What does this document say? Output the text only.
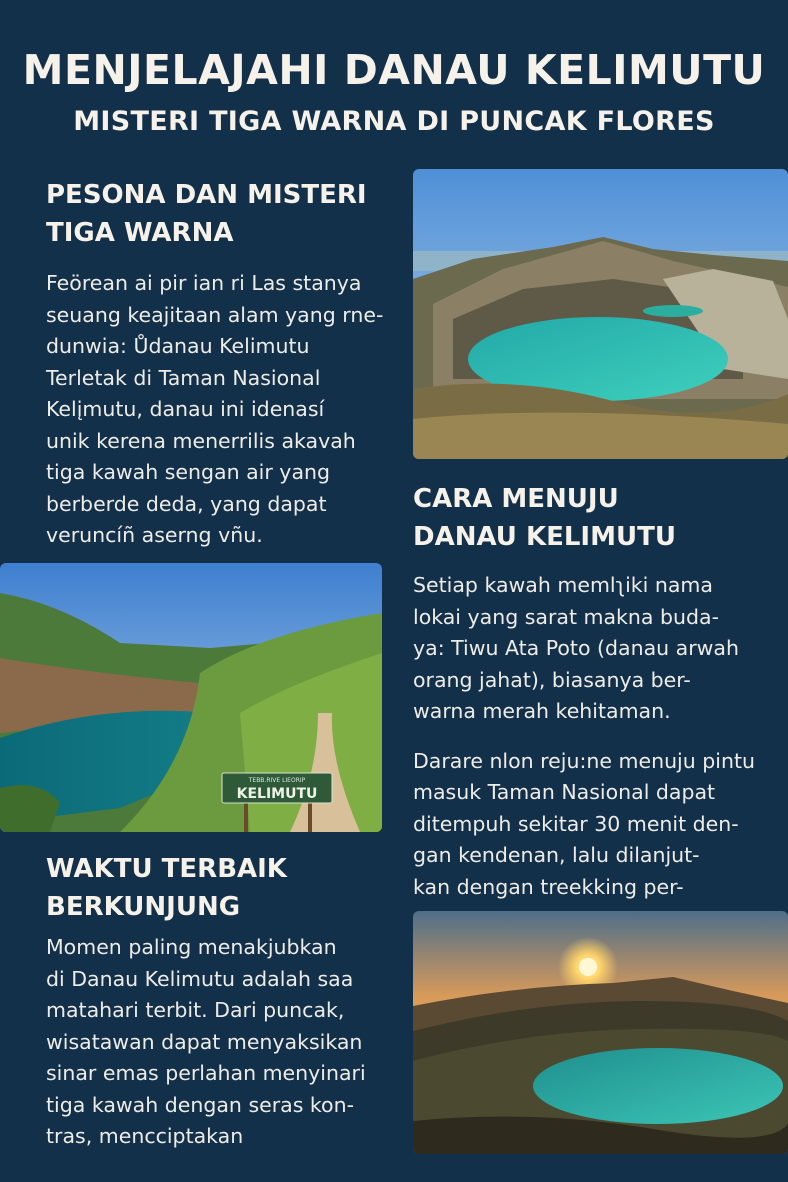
MENJELAJAHI DANAU KELIMUTU
MISTERI TIGA WARNA DI PUNCAK FLORES
PESONA DAN MISTERI
TIGA WARNA

Feörean ai pir ian ri Las stanya
seuang keajitaan alam yang rne-
dunwia: Ůdanau Kelimutu
Terletak di Taman Nasional
Kelįmutu, danau ini idenasí
unik kerena menerrilis akavah
tiga kawah sengan air yang
berberde deda, yang dapat
veruncíñ aserng vñu.

TEBB.RIVE LIEORIP
KELIMUTU
CARA MENUJU
DANAU KELIMUTU

Setiap kawah memlʅiki nama
lokai yang sarat makna buda-
ya: Tiwu Ata Poto (danau arwah
orang jahat), biasanya ber-
warna merah kehitaman.

Darare nlon reju:ne menuju pintu
masuk Taman Nasional dapat
ditempuh sekitar 30 menit den-
gan kendenan, lalu dilanjut-
kan dengan treekking per-

WAKTU TERBAIK
BERKUNJUNG

Momen paling menakjubkan
di Danau Kelimutu adalah saa
matahari terbit. Dari puncak,
wisatawan dapat menyaksikan
sinar emas perlahan menyinari
tiga kawah dengan seras kon-
tras, mencciptakan
